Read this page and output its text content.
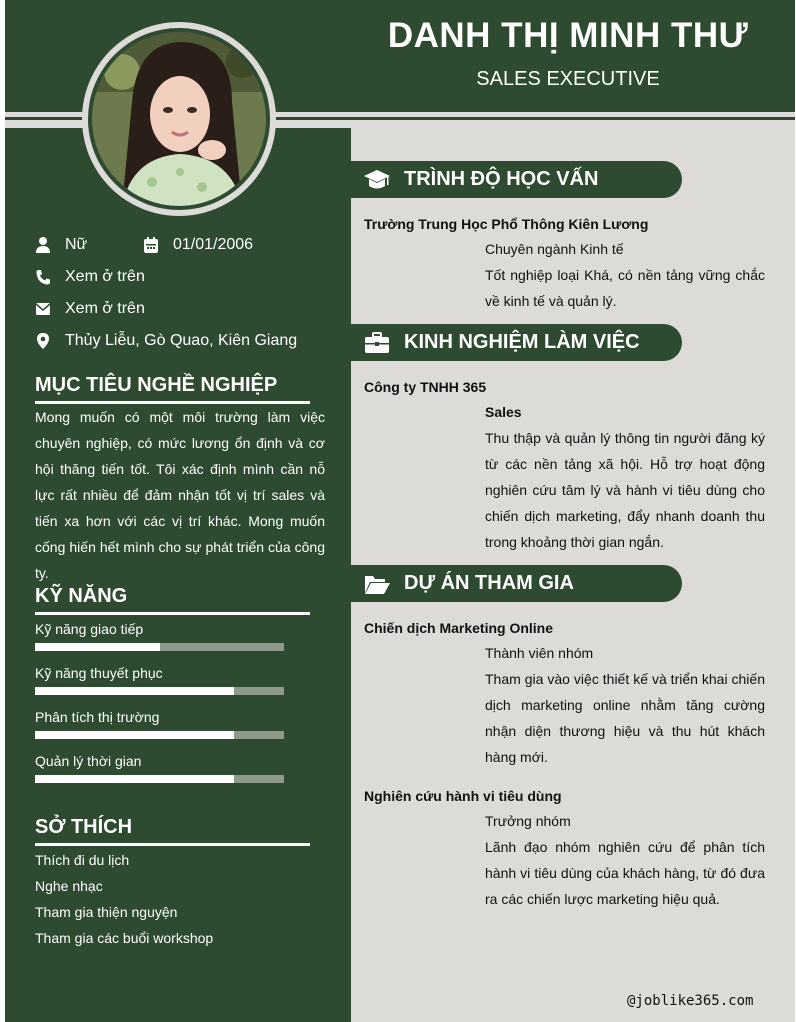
DANH THỊ MINH THƯ
SALES EXECUTIVE
Nữ	01/01/2006
Xem ở trên
Xem ở trên
Thủy Liễu, Gò Quao, Kiên Giang
MỤC TIÊU NGHỀ NGHIỆP
Mong muốn có một môi trường làm việc chuyên nghiệp, có mức lương ổn định và cơ hội thăng tiến tốt. Tôi xác định mình cần nỗ lực rất nhiều để đảm nhận tốt vị trí sales và tiến xa hơn với các vị trí khác. Mong muốn cống hiến hết mình cho sự phát triển của công ty.
KỸ NĂNG
Kỹ năng giao tiếp
Kỹ năng thuyết phục
Phân tích thị trường
Quản lý thời gian
SỞ THÍCH
Thích đi du lịch
Nghe nhạc
Tham gia thiện nguyện
Tham gia các buổi workshop
TRÌNH ĐỘ HỌC VẤN
Trường Trung Học Phổ Thông Kiên Lương
Chuyên ngành Kinh tế
Tốt nghiệp loại Khá, có nền tảng vững chắc về kinh tế và quản lý.
KINH NGHIỆM LÀM VIỆC
Công ty TNHH 365
Sales
Thu thập và quản lý thông tin người đăng ký từ các nền tảng xã hội. Hỗ trợ hoạt động nghiên cứu tâm lý và hành vi tiêu dùng cho chiến dịch marketing, đẩy nhanh doanh thu trong khoảng thời gian ngắn.
DỰ ÁN THAM GIA
Chiến dịch Marketing Online
Thành viên nhóm
Tham gia vào việc thiết kế và triển khai chiến dịch marketing online nhằm tăng cường nhận diện thương hiệu và thu hút khách hàng mới.
Nghiên cứu hành vi tiêu dùng
Trưởng nhóm
Lãnh đạo nhóm nghiên cứu để phân tích hành vi tiêu dùng của khách hàng, từ đó đưa ra các chiến lược marketing hiệu quả.
@joblike365.com
